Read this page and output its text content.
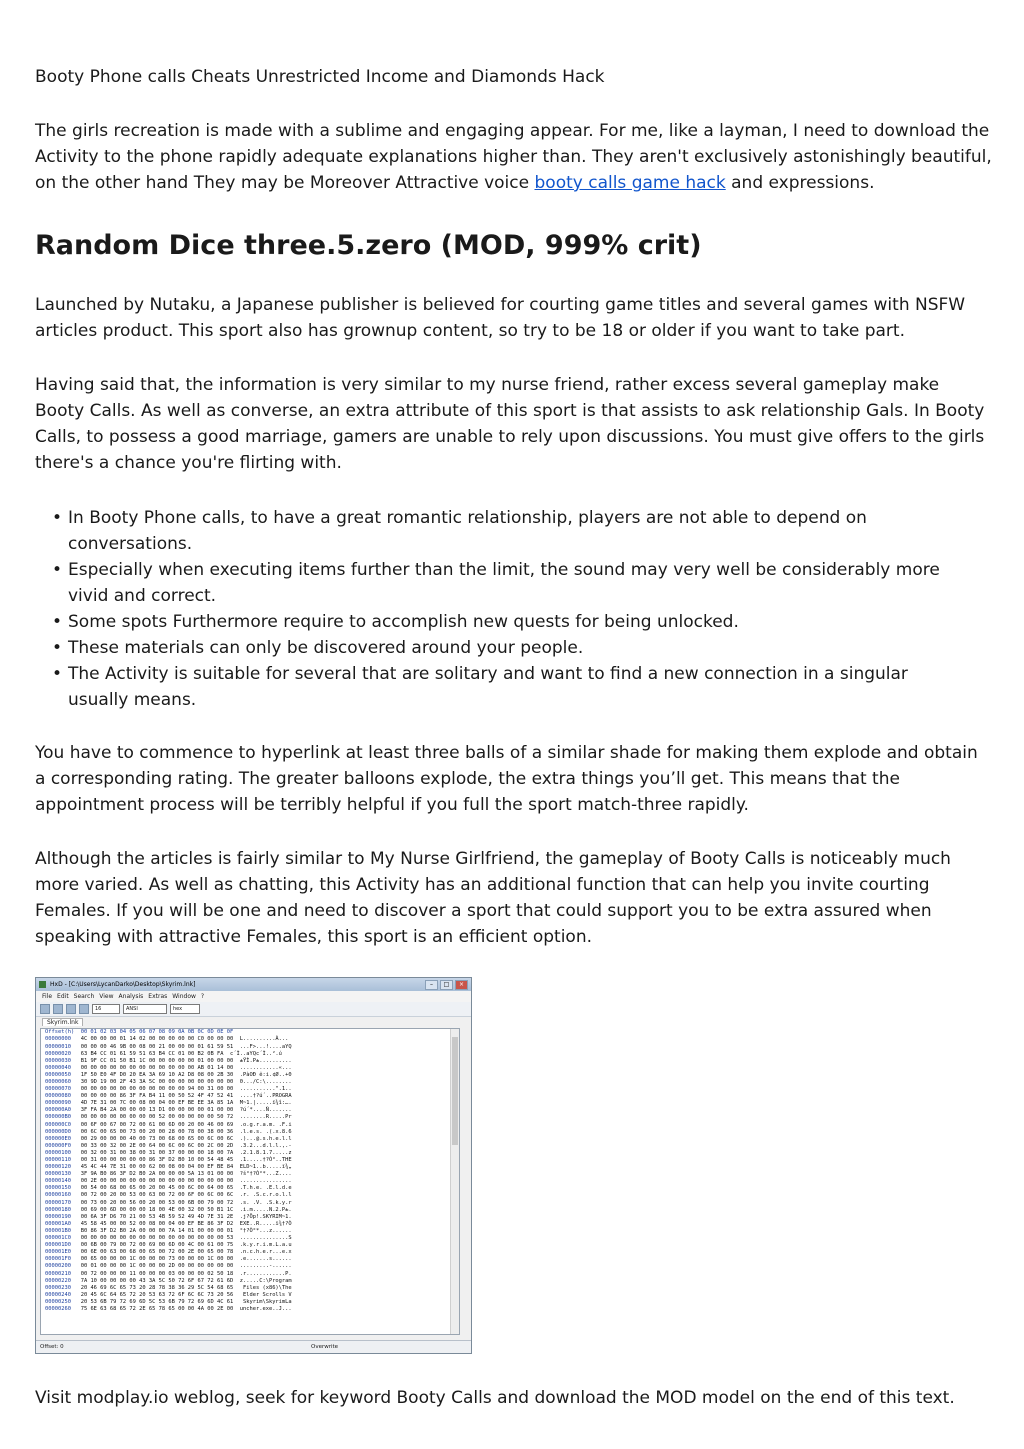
Booty Phone calls Cheats Unrestricted Income and Diamonds Hack

The girls recreation is made with a sublime and engaging appear. For me, like a layman, I need to download the Activity to the phone rapidly adequate explanations higher than. They aren't exclusively astonishingly beautiful, on the other hand They may be Moreover Attractive voice booty calls game hack and expressions.

Random Dice three.5.zero (MOD, 999% crit)

Launched by Nutaku, a Japanese publisher is believed for courting game titles and several games with NSFW articles product. This sport also has grownup content, so try to be 18 or older if you want to take part.

Having said that, the information is very similar to my nurse friend, rather excess several gameplay make Booty Calls. As well as converse, an extra attribute of this sport is that assists to ask relationship Gals. In Booty Calls, to possess a good marriage, gamers are unable to rely upon discussions. You must give offers to the girls there's a chance you're flirting with.

• In Booty Phone calls, to have a great romantic relationship, players are not able to depend on conversations.
• Especially when executing items further than the limit, the sound may very well be considerably more vivid and correct.
• Some spots Furthermore require to accomplish new quests for being unlocked.
• These materials can only be discovered around your people.
• The Activity is suitable for several that are solitary and want to find a new connection in a singular usually means.

You have to commence to hyperlink at least three balls of a similar shade for making them explode and obtain a corresponding rating. The greater balloons explode, the extra things you’ll get. This means that the appointment process will be terribly helpful if you full the sport match-three rapidly.

Although the articles is fairly similar to My Nurse Girlfriend, the gameplay of Booty Calls is noticeably much more varied. As well as chatting, this Activity has an additional function that can help you invite courting Females. If you will be one and need to discover a sport that could support you to be extra assured when speaking with attractive Females, this sport is an efficient option.

Visit modplay.io weblog, seek for keyword Booty Calls and download the MOD model on the end of this text.

HxD - [C:\Users\LycanDarko\Desktop\Skyrim.lnk]	–	□	×
File Edit Search View Analysis Extras Window ?
16	ANSI	hex
Skyrim.lnk
Offset(h)  00 01 02 03 04 05 06 07 08 09 0A 0B 0C 0D 0E 0F
00000000   4C 00 00 00 01 14 02 00 00 00 00 00 C0 00 00 00  L..........À...
00000010   00 00 00 46 9B 00 08 00 21 00 00 00 01 61 59 51  ...F>...!....aYQ
00000020   63 B4 CC 01 61 59 51 63 B4 CC 01 00 B2 0B FA  c´Ì..aYQc´Ì..².ú
00000030   B1 9F CC 01 50 B1 1C 00 00 00 00 00 01 00 00 00  ±ŸÌ.P±..........
00000040   00 00 00 00 00 00 00 00 00 00 00 00 AB 01 14 00  ............«...
00000050   1F 50 E0 4F D0 20 EA 3A 69 10 A2 D8 08 00 2B 30  .PàOÐ ê:i.¢Ø..+0
00000060   30 9D 19 00 2F 43 3A 5C 00 00 00 00 00 00 00 00  0.../C:\........
00000070   00 00 00 00 00 00 00 00 00 00 00 94 00 31 00 00  ...........".1..
00000080   00 00 00 00 86 3F FA B4 11 00 50 52 4F 47 52 41  ....†?ú´..PROGRA
00000090   4D 7E 31 00 7C 00 08 00 04 00 EF BE EE 3A 85 1A  M~1.|.....ï¾î:….
000000A0   3F FA B4 2A 00 00 00 13 D1 00 00 00 00 01 00 00  ?ú´*....Ñ.......
000000B0   00 00 00 00 00 00 00 00 52 00 00 00 00 00 50 72  ........R.....Pr
000000C0   00 6F 00 67 00 72 00 61 00 6D 00 20 00 46 00 69  .o.g.r.a.m. .F.i
000000D0   00 6C 00 65 00 73 00 20 00 28 00 78 00 38 00 36  .l.e.s. .(.x.8.6
000000E0   00 29 00 00 00 40 00 73 00 68 00 65 00 6C 00 6C  .)...@.s.h.e.l.l
000000F0   00 33 00 32 00 2E 00 64 00 6C 00 6C 00 2C 00 2D  .3.2...d.l.l.,.-
00000100   00 32 00 31 00 38 00 31 00 37 00 00 00 18 00 7A  .2.1.8.1.7.....z
00000110   00 31 00 00 00 00 00 86 3F D2 B0 10 00 54 48 45  .1.....†?Ò°..THE
00000120   45 4C 44 7E 31 00 00 62 00 08 00 04 00 EF BE 84  ELD~1..b.....ï¾„
00000130   3F 9A B0 86 3F D2 B0 2A 00 00 00 5A 13 01 00 00  ?š°†?Ò°*...Z....
00000140   00 2E 00 00 00 00 00 00 00 00 00 00 00 00 00 00  ................
00000150   00 54 00 68 00 65 00 20 00 45 00 6C 00 64 00 65  .T.h.e. .E.l.d.e
00000160   00 72 00 20 00 53 00 63 00 72 00 6F 00 6C 00 6C  .r. .S.c.r.o.l.l
00000170   00 73 00 20 00 56 00 20 00 53 00 6B 00 79 00 72  .s. .V. .S.k.y.r
00000180   00 69 00 6D 00 00 00 18 00 4E 00 32 00 50 B1 1C  .i.m.....N.2.P±.
00000190   00 6A 3F D6 70 21 00 53 4B 59 52 49 4D 7E 31 2E  .j?Öp!.SKYRIM~1.
000001A0   45 58 45 00 00 52 00 08 00 04 00 EF BE 86 3F D2  EXE..R.....ï¾†?Ò
000001B0   B0 86 3F D2 B0 2A 00 00 00 7A 14 01 00 00 00 01  °†?Ò°*...z......
000001C0   00 00 00 00 00 00 00 00 00 00 00 00 00 00 00 53  ...............S
000001D0   00 6B 00 79 00 72 00 69 00 6D 00 4C 00 61 00 75  .k.y.r.i.m.L.a.u
000001E0   00 6E 00 63 00 68 00 65 00 72 00 2E 00 65 00 78  .n.c.h.e.r...e.x
000001F0   00 65 00 00 00 1C 00 00 00 73 00 00 00 1C 00 00  .e.......s......
00000200   00 01 00 00 00 1C 00 00 00 2D 00 00 00 00 00 00  .........-......
00000210   00 72 00 00 00 11 00 00 00 03 00 00 00 02 50 18  .r............P.
00000220   7A 10 00 00 00 00 43 3A 5C 50 72 6F 67 72 61 6D  z.....C:\Program
00000230   20 46 69 6C 65 73 20 28 78 38 36 29 5C 54 68 65   Files (x86)\The
00000240   20 45 6C 64 65 72 20 53 63 72 6F 6C 6C 73 20 56   Elder Scrolls V
00000250   20 53 6B 79 72 69 6D 5C 53 6B 79 72 69 6D 4C 61   Skyrim\SkyrimLa
00000260   75 6E 63 68 65 72 2E 65 78 65 00 00 4A 00 2E 00  uncher.exe..J...
Offset: 0	Overwrite
